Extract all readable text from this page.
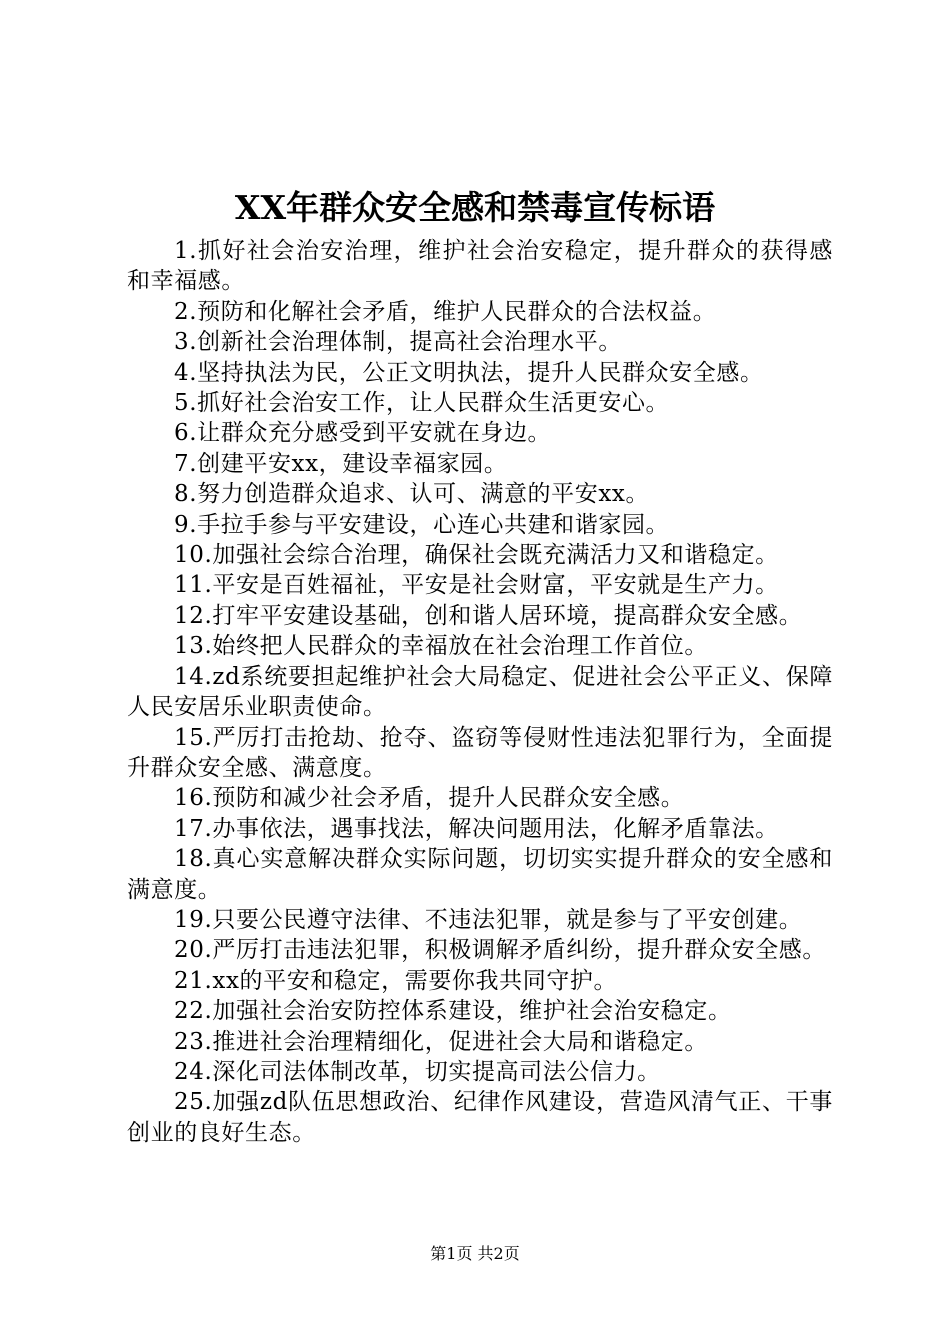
XX年群众安全感和禁毒宣传标语

1.抓好社会治安治理，维护社会治安稳定，提升群众的获得感和幸福感。

2.预防和化解社会矛盾，维护人民群众的合法权益。

3.创新社会治理体制，提高社会治理水平。

4.坚持执法为民，公正文明执法，提升人民群众安全感。

5.抓好社会治安工作，让人民群众生活更安心。

6.让群众充分感受到平安就在身边。

7.创建平安xx，建设幸福家园。

8.努力创造群众追求、认可、满意的平安xx。

9.手拉手参与平安建设，心连心共建和谐家园。

10.加强社会综合治理，确保社会既充满活力又和谐稳定。

11.平安是百姓福祉，平安是社会财富，平安就是生产力。

12.打牢平安建设基础，创和谐人居环境，提高群众安全感。

13.始终把人民群众的幸福放在社会治理工作首位。

14.zd系统要担起维护社会大局稳定、促进社会公平正义、保障人民安居乐业职责使命。

15.严厉打击抢劫、抢夺、盗窃等侵财性违法犯罪行为，全面提升群众安全感、满意度。

16.预防和减少社会矛盾，提升人民群众安全感。

17.办事依法，遇事找法，解决问题用法，化解矛盾靠法。

18.真心实意解决群众实际问题，切切实实提升群众的安全感和满意度。

19.只要公民遵守法律、不违法犯罪，就是参与了平安创建。

20.严厉打击违法犯罪，积极调解矛盾纠纷，提升群众安全感。

21.xx的平安和稳定，需要你我共同守护。

22.加强社会治安防控体系建设，维护社会治安稳定。

23.推进社会治理精细化，促进社会大局和谐稳定。

24.深化司法体制改革，切实提高司法公信力。

25.加强zd队伍思想政治、纪律作风建设，营造风清气正、干事创业的良好生态。

第1页 共2页
